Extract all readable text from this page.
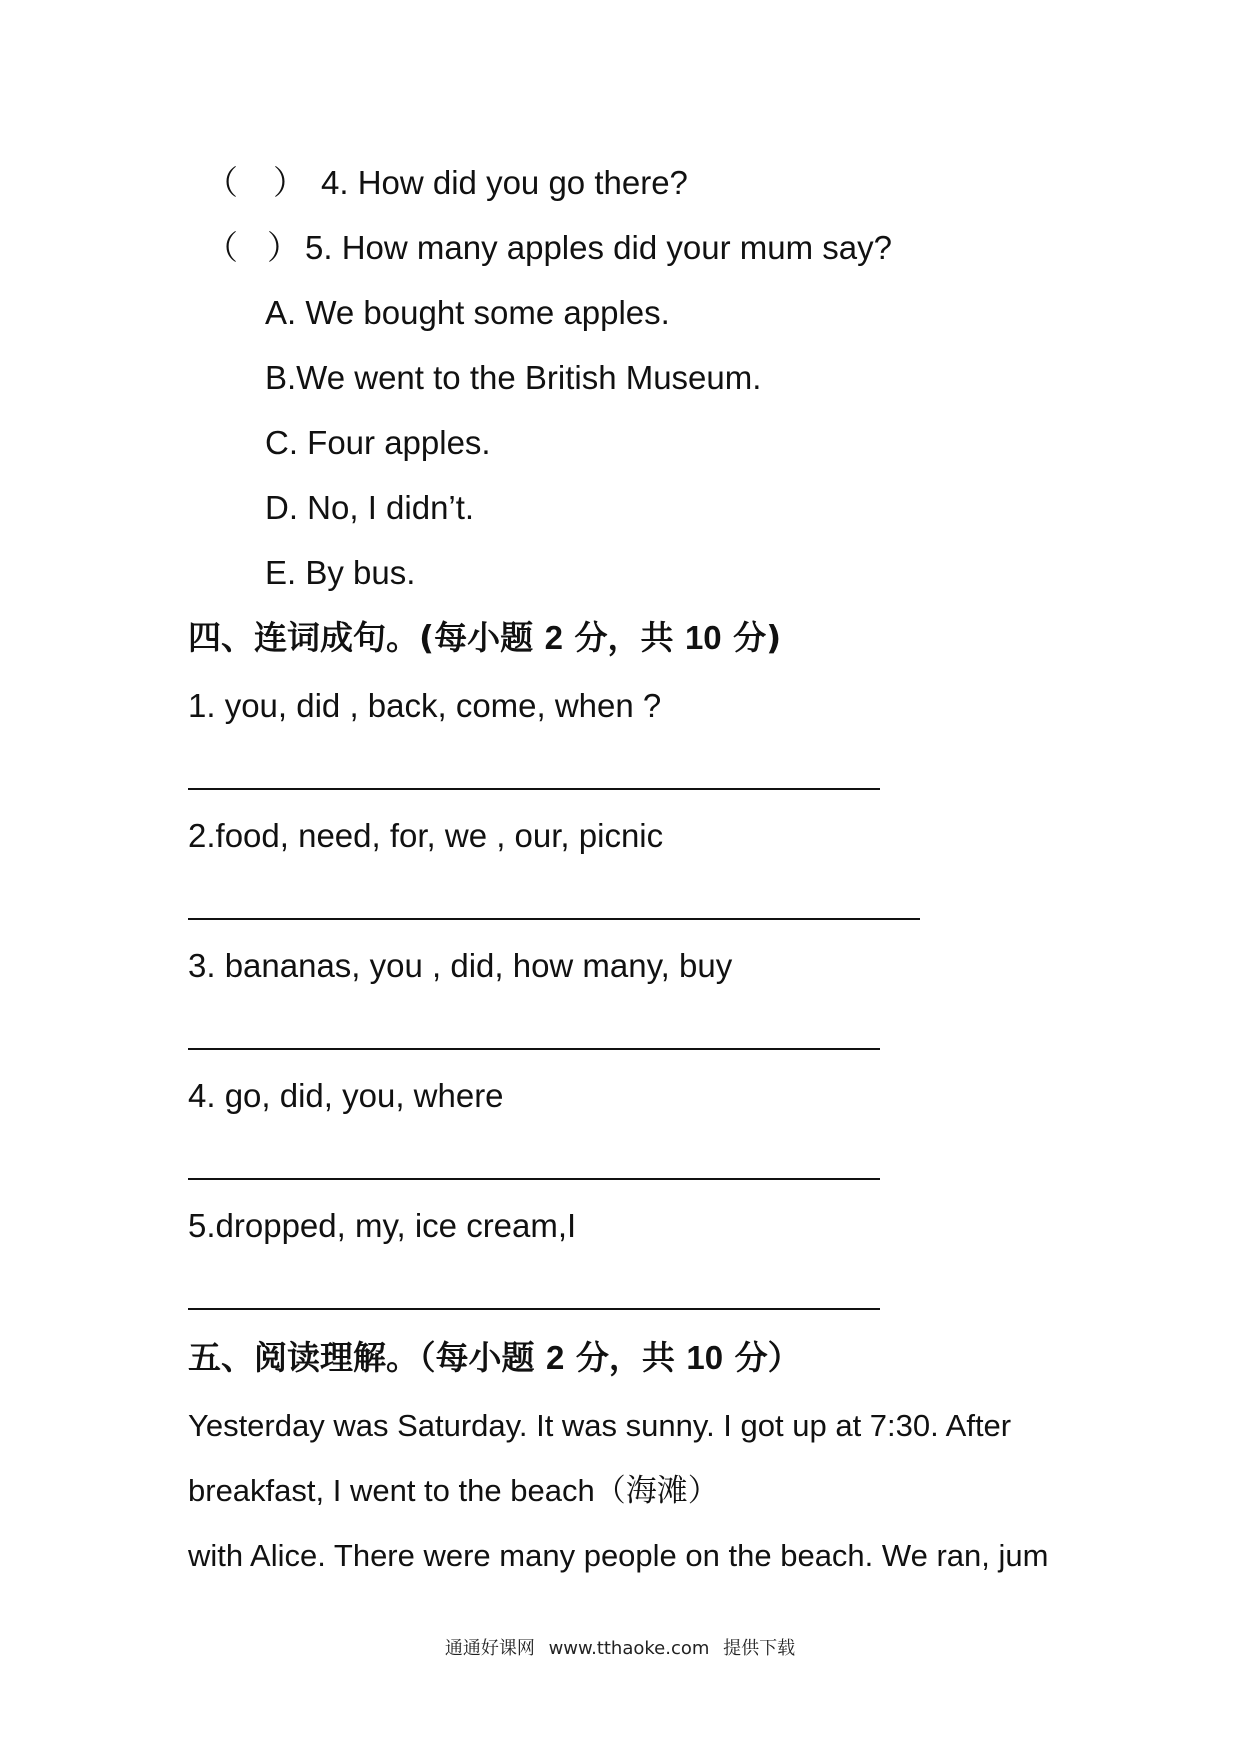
（ ） 4. How did you go there?
（ ） 5. How many apples did your mum say?
A. We bought some apples.
B.We went to the British Museum.
C. Four apples.
D. No, I didn’t.
E. By bus.
四、连词成句。(每小题 2 分，共 10 分)
1. you, did , back, come, when ?
2.food, need, for, we , our, picnic
3. bananas, you , did, how many, buy
4. go, did, you, where
5.dropped, my, ice cream,I
五、阅读理解。（每小题 2 分，共 10 分）
Yesterday was Saturday. It was sunny. I got up at 7:30. After
breakfast, I went to the beach（海滩）
with Alice. There were many people on the beach. We ran, jum
通通好课网 www.tthaoke.com 提供下载
